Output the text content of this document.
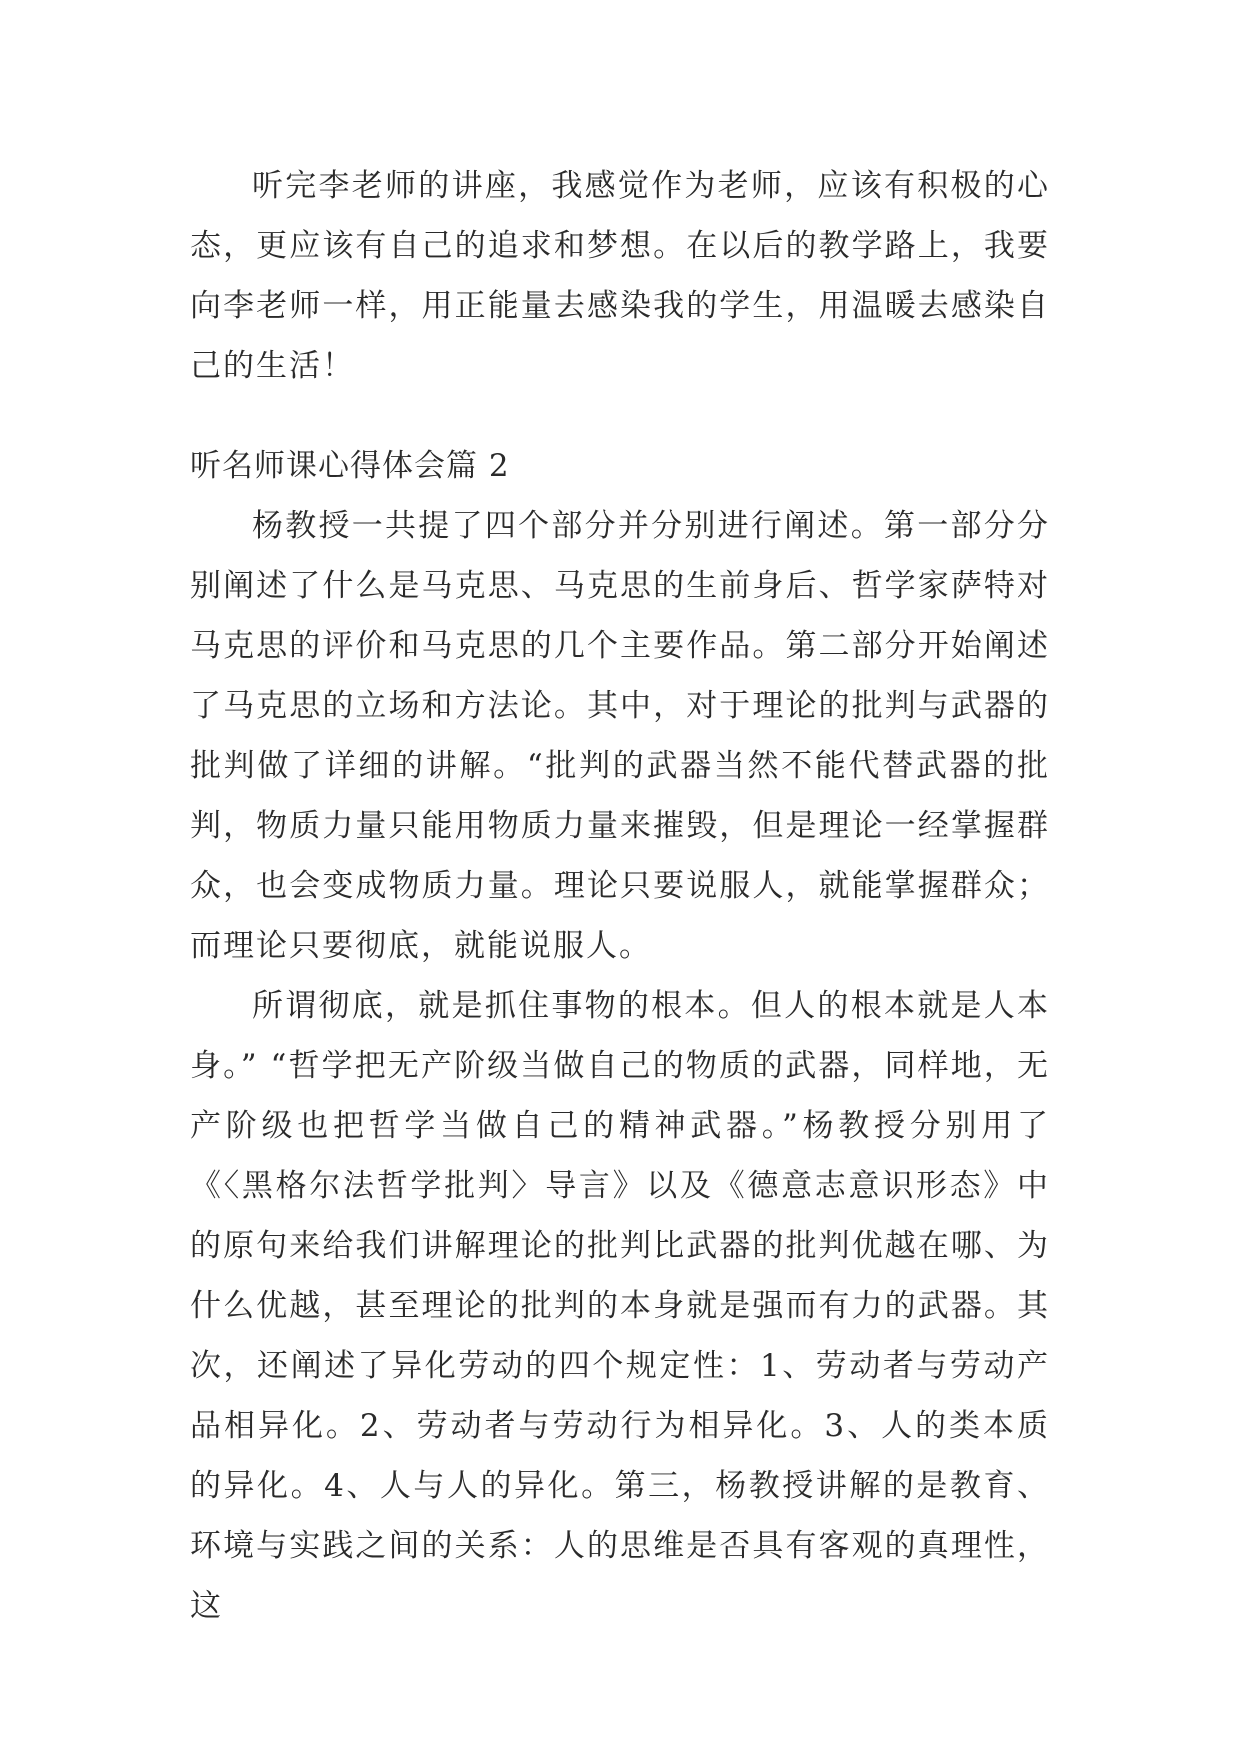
听完李老师的讲座，我感觉作为老师，应该有积极的心态，更应该有自己的追求和梦想。在以后的教学路上，我要向李老师一样，用正能量去感染我的学生，用温暖去感染自己的生活！

听名师课心得体会篇 2

杨教授一共提了四个部分并分别进行阐述。第一部分分别阐述了什么是马克思、马克思的生前身后、哲学家萨特对马克思的评价和马克思的几个主要作品。第二部分开始阐述了马克思的立场和方法论。其中，对于理论的批判与武器的批判做了详细的讲解。“批判的武器当然不能代替武器的批判，物质力量只能用物质力量来摧毁，但是理论一经掌握群众，也会变成物质力量。理论只要说服人，就能掌握群众；而理论只要彻底，就能说服人。

所谓彻底，就是抓住事物的根本。但人的根本就是人本身。” “哲学把无产阶级当做自己的物质的武器，同样地，无产阶级也把哲学当做自己的精神武器。”杨教授分别用了《〈黑格尔法哲学批判〉导言》以及《德意志意识形态》中的原句来给我们讲解理论的批判比武器的批判优越在哪、为什么优越，甚至理论的批判的本身就是强而有力的武器。其次，还阐述了异化劳动的四个规定性：1、劳动者与劳动产品相异化。2、劳动者与劳动行为相异化。3、人的类本质的异化。4、人与人的异化。第三，杨教授讲解的是教育、环境与实践之间的关系：人的思维是否具有客观的真理性，这
